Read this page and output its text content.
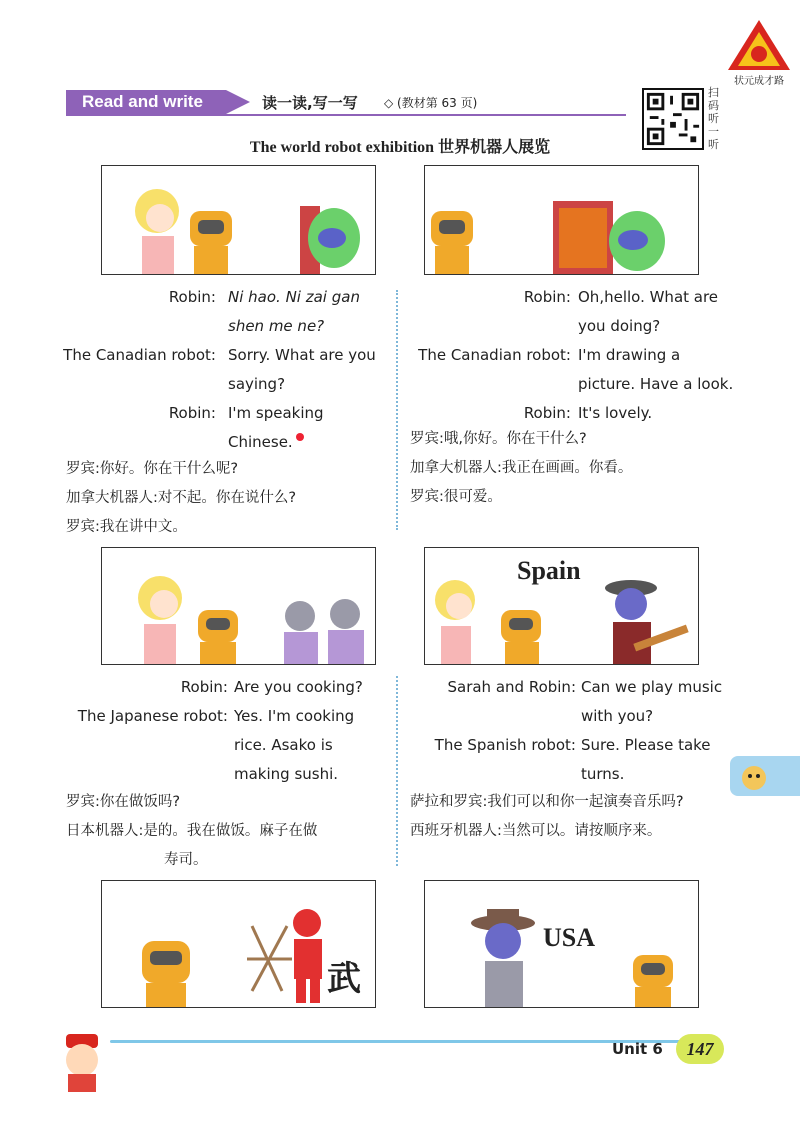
状元成才路
Read and write	读一读,写一写 ◇ (教材第 63 页)
扫码听一听
The world robot exhibition 世界机器人展览
Robin: Ni hao. Ni zai gan
shen me ne?
The Canadian robot: Sorry. What are you
saying?
Robin: I'm speaking
Chinese.
罗宾:你好。你在干什么呢?
加拿大机器人:对不起。你在说什么?
罗宾:我在讲中文。
Robin: Oh,hello. What are
you doing?
The Canadian robot: I'm drawing a
picture. Have a look.
Robin: It's lovely.
罗宾:哦,你好。你在干什么?
加拿大机器人:我正在画画。你看。
罗宾:很可爱。
Spain
Robin: Are you cooking?
The Japanese robot: Yes. I'm cooking
rice. Asako is
making sushi.
罗宾:你在做饭吗?
日本机器人:是的。我在做饭。麻子在做
寿司。
Sarah and Robin: Can we play music
with you?
The Spanish robot: Sure. Please take
turns.
萨拉和罗宾:我们可以和你一起演奏音乐吗?
西班牙机器人:当然可以。请按顺序来。
武
USA
Unit 6	147
